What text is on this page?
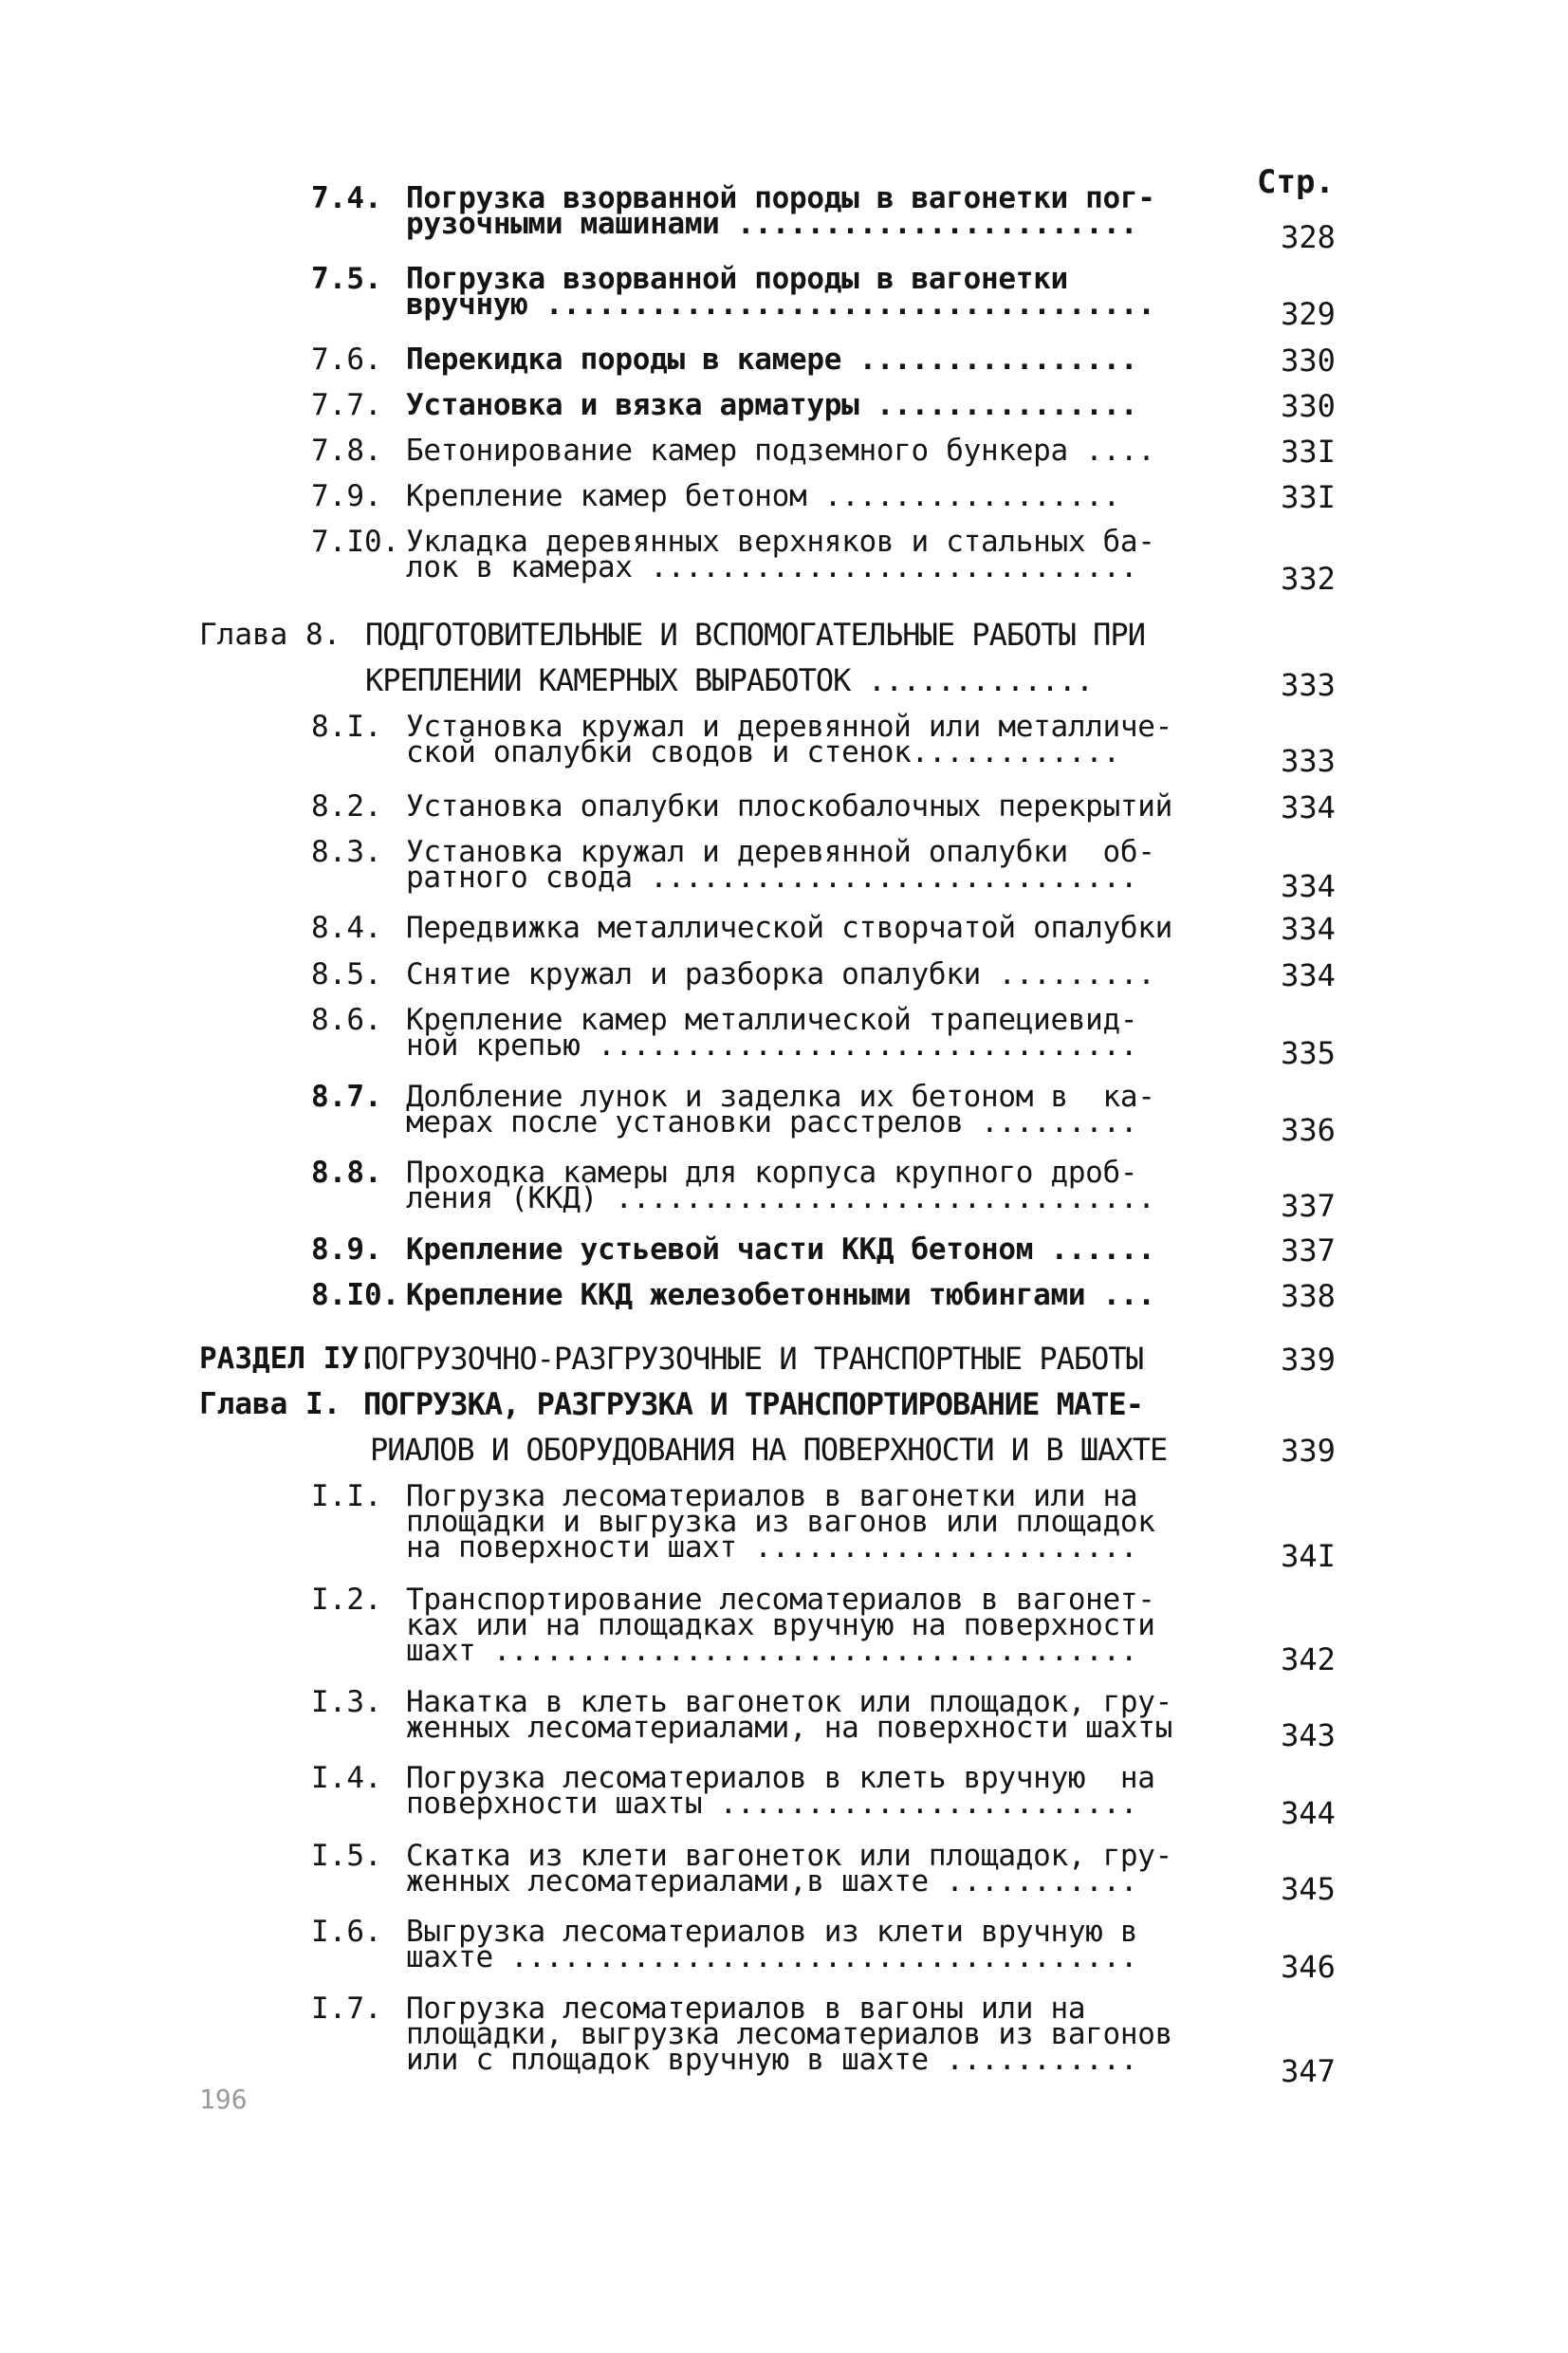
Стр.
7.4. Погрузка взорванной породы в вагонетки пог-
рузочными машинами .......................	328
7.5. Погрузка взорванной породы в вагонетки
вручную ...................................	329
7.6. Перекидка породы в камере ................	330
7.7. Установка и вязка арматуры ...............	330
7.8. Бетонирование камер подземного бункера ....	33I
7.9. Крепление камер бетоном .................	33I
7.I0. Укладка деревянных верхняков и стальных ба-
лок в камерах ............................	332
Глава 8. ПОДГОТОВИТЕЛЬНЫЕ И ВСПОМОГАТЕЛЬНЫЕ РАБОТЫ ПРИ
КРЕПЛЕНИИ КАМЕРНЫХ ВЫРАБОТОК .............	333
8.I. Установка кружал и деревянной или металличе-
ской опалубки сводов и стенок............	333
8.2. Установка опалубки плоскобалочных перекрытий	334
8.3. Установка кружал и деревянной опалубки  об-
ратного свода ............................	334
8.4. Передвижка металлической створчатой опалубки	334
8.5. Снятие кружал и разборка опалубки .........	334
8.6. Крепление камер металлической трапециевид-
ной крепью ...............................	335
8.7. Долбление лунок и заделка их бетоном в  ка-
мерах после установки расстрелов .........	336
8.8. Проходка камеры для корпуса крупного дроб-
ления (ККД) ...............................	337
8.9. Крепление устьевой части ККД бетоном ......	337
8.I0. Крепление ККД железобетонными тюбингами ...	338
РАЗДЕЛ IУ.
ПОГРУЗОЧНО-РАЗГРУЗОЧНЫЕ И ТРАНСПОРТНЫЕ РАБОТЫ	339
Глава I. ПОГРУЗКА, РАЗГРУЗКА И ТРАНСПОРТИРОВАНИЕ МАТЕ-
РИАЛОВ И ОБОРУДОВАНИЯ НА ПОВЕРХНОСТИ И В ШАХТЕ	339
I.I. Погрузка лесоматериалов в вагонетки или на
площадки и выгрузка из вагонов или площадок
на поверхности шахт ......................	34I
I.2. Транспортирование лесоматериалов в вагонет-
ках или на площадках вручную на поверхности
шахт .....................................	342
I.3. Накатка в клеть вагонеток или площадок, гру-
женных лесоматериалами, на поверхности шахты	343
I.4. Погрузка лесоматериалов в клеть вручную  на
поверхности шахты ........................	344
I.5. Скатка из клети вагонеток или площадок, гру-
женных лесоматериалами,в шахте ...........	345
I.6. Выгрузка лесоматериалов из клети вручную в
шахте ....................................	346
I.7. Погрузка лесоматериалов в вагоны или на
площадки, выгрузка лесоматериалов из вагонов
или с площадок вручную в шахте ...........	347
196
